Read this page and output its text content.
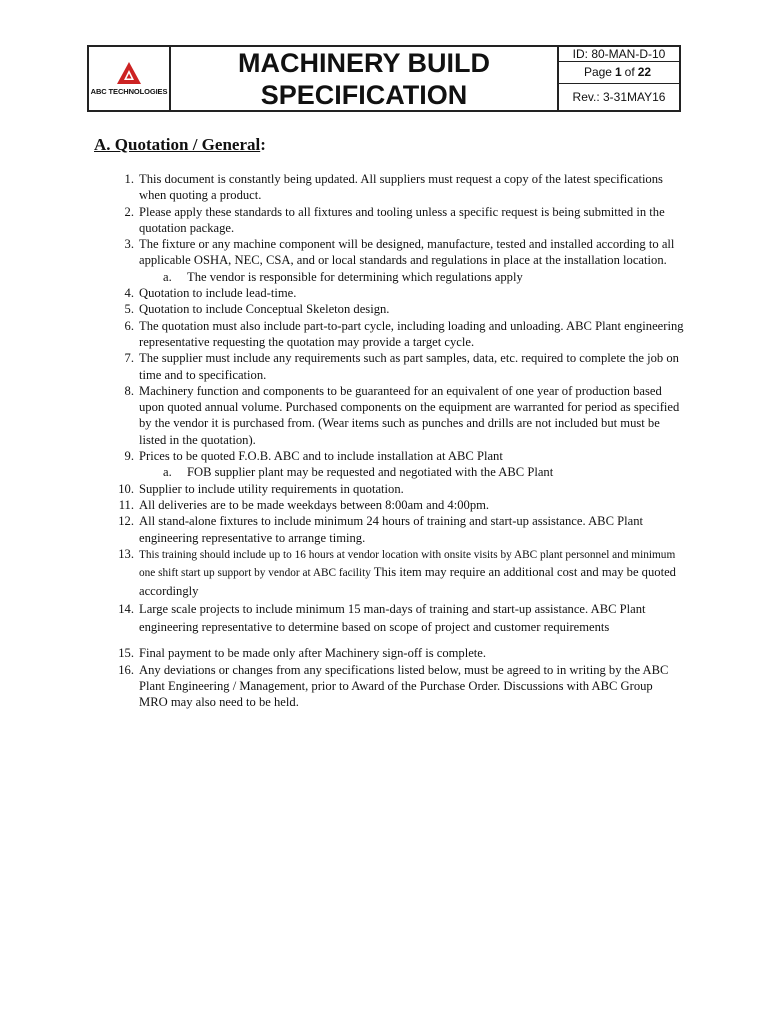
ABC TECHNOLOGIES
MACHINERY BUILD
SPECIFICATION
ID: 80-MAN-D-10
Page 1 of 22
Rev.: 3-31MAY16
A. Quotation / General:
1. This document is constantly being updated. All suppliers must request a copy of the latest specifications when quoting a product.
2. Please apply these standards to all fixtures and tooling unless a specific request is being submitted in the quotation package.
3. The fixture or any machine component will be designed, manufacture, tested and installed according to all applicable OSHA, NEC, CSA, and or local standards and regulations in place at the installation location.
a. The vendor is responsible for determining which regulations apply
4. Quotation to include lead-time.
5. Quotation to include Conceptual Skeleton design.
6. The quotation must also include part-to-part cycle, including loading and unloading. ABC Plant engineering representative requesting the quotation may provide a target cycle.
7. The supplier must include any requirements such as part samples, data, etc. required to complete the job on time and to specification.
8. Machinery function and components to be guaranteed for an equivalent of one year of production based upon quoted annual volume. Purchased components on the equipment are warranted for period as specified by the vendor it is purchased from. (Wear items such as punches and drills are not included but must be listed in the quotation).
9. Prices to be quoted F.O.B. ABC and to include installation at ABC Plant
a. FOB supplier plant may be requested and negotiated with the ABC Plant
10. Supplier to include utility requirements in quotation.
11. All deliveries are to be made weekdays between 8:00am and 4:00pm.
12. All stand-alone fixtures to include minimum 24 hours of training and start-up assistance. ABC Plant engineering representative to arrange timing.
13. This training should include up to 16 hours at vendor location with onsite visits by ABC plant personnel and minimum one shift start up support by vendor at ABC facility This item may require an additional cost and may be quoted accordingly
14. Large scale projects to include minimum 15 man-days of training and start-up assistance. ABC Plant engineering representative to determine based on scope of project and customer requirements
15. Final payment to be made only after Machinery sign-off is complete.
16. Any deviations or changes from any specifications listed below, must be agreed to in writing by the ABC Plant Engineering / Management, prior to Award of the Purchase Order. Discussions with ABC Group MRO may also need to be held.
